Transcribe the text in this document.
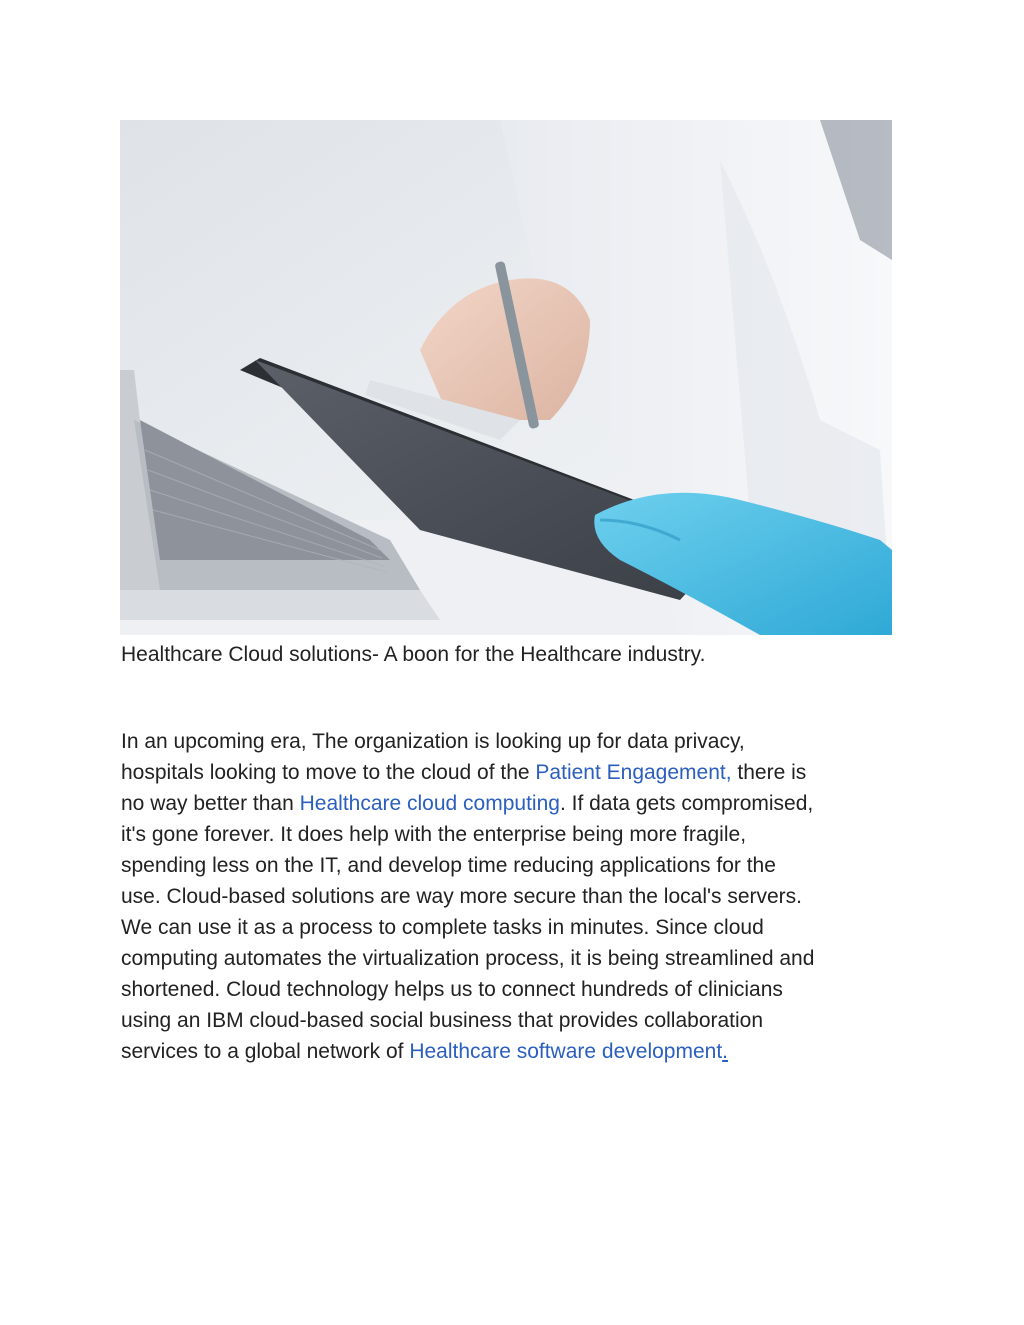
Healthcare Cloud solutions- A boon for the Healthcare industry.
In an upcoming era, The organization is looking up for data privacy,
hospitals looking to move to the cloud of the Patient Engagement, there is
no way better than Healthcare cloud computing. If data gets compromised,
it's gone forever. It does help with the enterprise being more fragile,
spending less on the IT, and develop time reducing applications for the
use. Cloud-based solutions are way more secure than the local's servers.
We can use it as a process to complete tasks in minutes. Since cloud
computing automates the virtualization process, it is being streamlined and
shortened. Cloud technology helps us to connect hundreds of clinicians
using an IBM cloud-based social business that provides collaboration
services to a global network of Healthcare software development.
